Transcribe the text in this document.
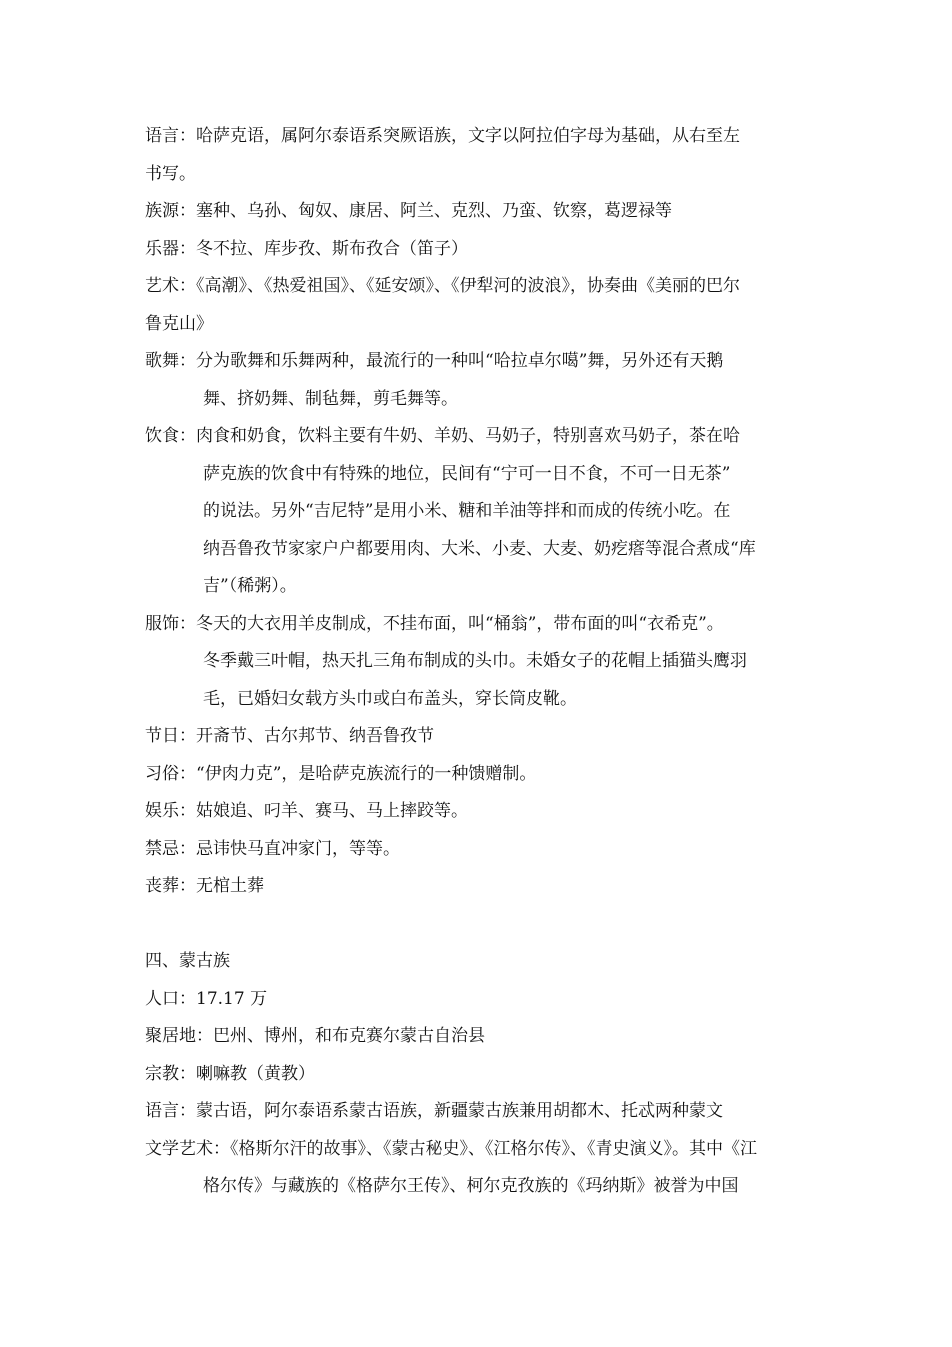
语言：哈萨克语，属阿尔泰语系突厥语族，文字以阿拉伯字母为基础，从右至左

书写。

族源：塞种、乌孙、匈奴、康居、阿兰、克烈、乃蛮、钦察，葛逻禄等

乐器：冬不拉、库步孜、斯布孜合（笛子）

艺术：《高潮》、《热爱祖国》、《延安颂》、《伊犁河的波浪》，协奏曲《美丽的巴尔

鲁克山》

歌舞：分为歌舞和乐舞两种，最流行的一种叫“哈拉卓尔噶”舞，另外还有天鹅

舞、挤奶舞、制毡舞，剪毛舞等。

饮食：肉食和奶食，饮料主要有牛奶、羊奶、马奶子，特别喜欢马奶子，茶在哈

萨克族的饮食中有特殊的地位，民间有“宁可一日不食，不可一日无茶”

的说法。另外“吉尼特”是用小米、糖和羊油等拌和而成的传统小吃。在

纳吾鲁孜节家家户户都要用肉、大米、小麦、大麦、奶疙瘩等混合煮成“库

吉”（稀粥）。

服饰：冬天的大衣用羊皮制成，不挂布面，叫“桶翁”，带布面的叫“衣希克”。

冬季戴三叶帽，热天扎三角布制成的头巾。未婚女子的花帽上插猫头鹰羽

毛，已婚妇女载方头巾或白布盖头，穿长筒皮靴。

节日：开斋节、古尔邦节、纳吾鲁孜节

习俗：“伊肉力克”，是哈萨克族流行的一种馈赠制。

娱乐：姑娘追、叼羊、赛马、马上摔跤等。

禁忌：忌讳快马直冲家门，等等。

丧葬：无棺土葬

四、蒙古族

人口：17.17 万

聚居地：巴州、博州，和布克赛尔蒙古自治县

宗教：喇嘛教（黄教）

语言：蒙古语，阿尔泰语系蒙古语族，新疆蒙古族兼用胡都木、托忒两种蒙文

文学艺术：《格斯尔汗的故事》、《蒙古秘史》、《江格尔传》、《青史演义》。其中《江

格尔传》与藏族的《格萨尔王传》、柯尔克孜族的《玛纳斯》被誉为中国
